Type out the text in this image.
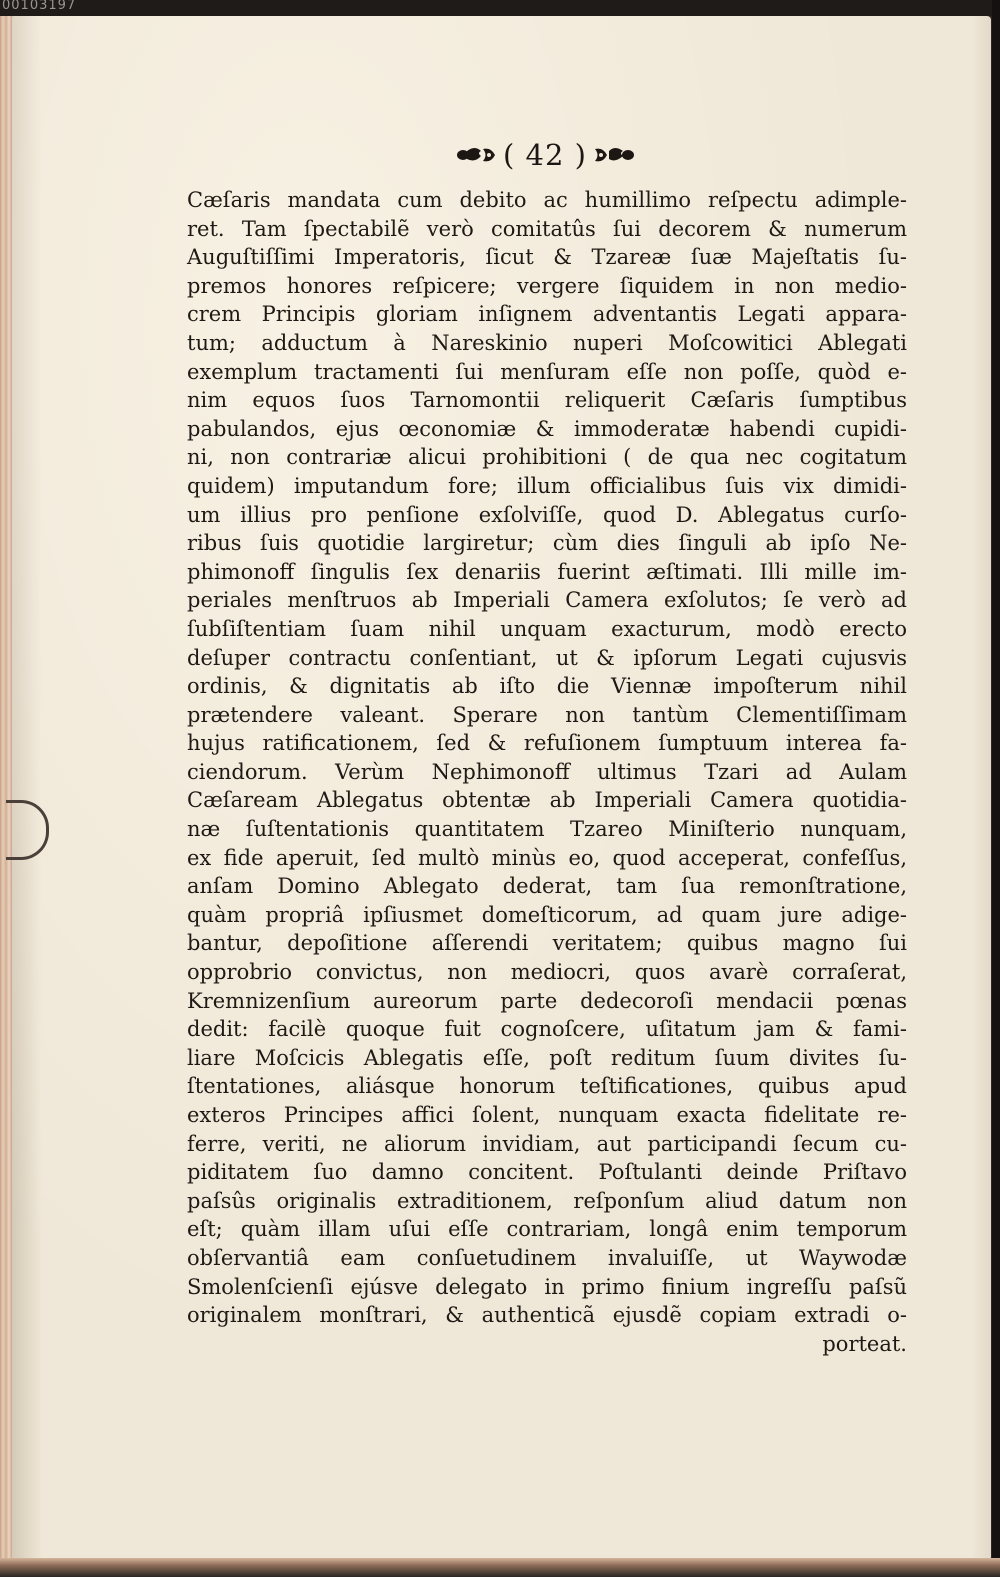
00103197
( 42 )
Cæſaris mandata cum debito ac humillimo reſpectu adimple-
ret. Tam ſpectabilẽ verò comitatûs ſui decorem & numerum
Auguſtiſſimi Imperatoris, ſicut & Tzareæ ſuæ Majeſtatis ſu-
premos honores reſpicere; vergere ſiquidem in non medio-
crem Principis gloriam inſignem adventantis Legati appara-
tum; adductum à Nareskinio nuperi Moſcowitici Ablegati
exemplum tractamenti ſui menſuram eſſe non poſſe, quòd e-
nim equos ſuos Tarnomontii reliquerit Cæſaris ſumptibus
pabulandos, ejus œconomiæ & immoderatæ habendi cupidi-
ni, non contrariæ alicui prohibitioni ( de qua nec cogitatum
quidem) imputandum fore; illum officialibus ſuis vix dimidi-
um illius pro penſione exſolviſſe, quod D. Ablegatus curſo-
ribus ſuis quotidie largiretur; cùm dies ſinguli ab ipſo Ne-
phimonoff ſingulis ſex denariis fuerint æſtimati. Illi mille im-
periales menſtruos ab Imperiali Camera exſolutos; ſe verò ad
ſubſiſtentiam ſuam nihil unquam exacturum, modò erecto
deſuper contractu conſentiant, ut & ipſorum Legati cujusvis
ordinis, & dignitatis ab iſto die Viennæ impoſterum nihil
prætendere valeant. Sperare non tantùm Clementiſſimam
hujus ratificationem, ſed & refuſionem ſumptuum interea fa-
ciendorum. Verùm Nephimonoff ultimus Tzari ad Aulam
Cæſaream Ablegatus obtentæ ab Imperiali Camera quotidia-
næ ſuſtentationis quantitatem Tzareo Miniſterio nunquam,
ex fide aperuit, ſed multò minùs eo, quod acceperat, confeſſus,
anſam Domino Ablegato dederat, tam ſua remonſtratione,
quàm propriâ ipſiusmet domeſticorum, ad quam jure adige-
bantur, depoſitione aſſerendi veritatem; quibus magno ſui
opprobrio convictus, non mediocri, quos avarè corraſerat,
Kremnizenſium aureorum parte dedecoroſi mendacii pœnas
dedit: facilè quoque fuit cognoſcere, uſitatum jam & fami-
liare Moſcicis Ablegatis eſſe, poſt reditum ſuum divites ſu-
ſtentationes, aliásque honorum teſtificationes, quibus apud
exteros Principes affici ſolent, nunquam exacta fidelitate re-
ferre, veriti, ne aliorum invidiam, aut participandi ſecum cu-
piditatem ſuo damno concitent. Poſtulanti deinde Priſtavo
paſsûs originalis extraditionem, reſponſum aliud datum non
eſt; quàm illam uſui eſſe contrariam, longâ enim temporum
obſervantiâ eam conſuetudinem invaluiſſe, ut Waywodæ
Smolenſcienſi ejúsve delegato in primo finium ingreſſu paſsũ
originalem monſtrari, & authenticã ejusdẽ copiam extradi o-
porteat.
